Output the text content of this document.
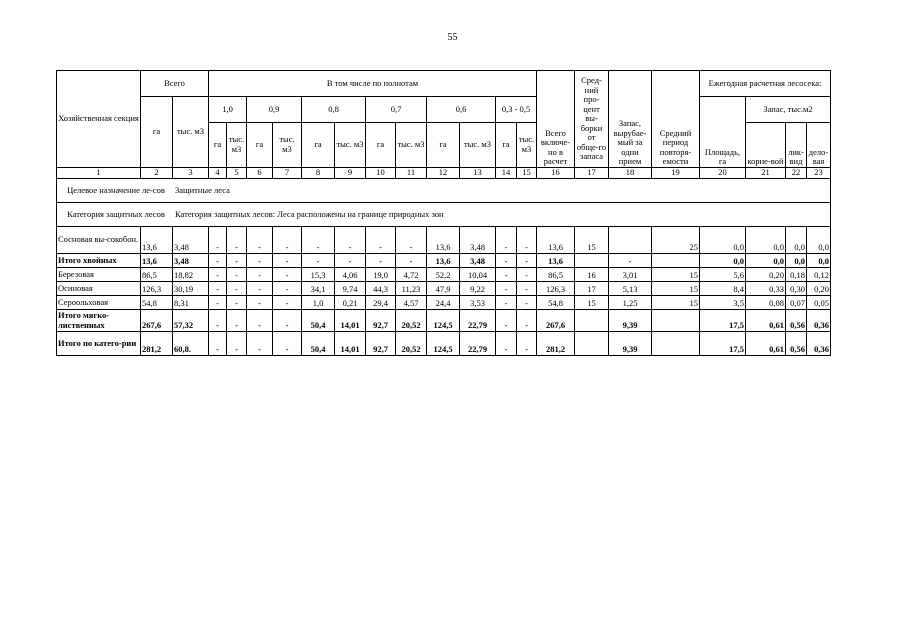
55
Хозяйственная секция	Всего		В том числе по полнотам												Всего включе-но в расчет	Сред-ний про-цент вы-борки от обще-го запаса	Запас, вырубае-мый за одни прием	Средний период повторя-емости	Ежегодная расчетная лесосека:			
	га	тыс. м3	1,0		0,9		0,8		0,7		0,6		0,3 - 0,5						Площадь, га	Запас, тыс.м2		
			га	тыс. м3	га	тыс. м3	га	тыс. м3	га	тыс. м3	га	тыс. м3	га	тыс. м3						корне-вой	лик-вид	дело-вая
1	2	3	4	5	6	7	8	9	10	11	12	13	14	15	16	17	18	19	20	21	22	23

Целевое назначение ле-сов Защитные леса																						

Категория защитных лесов Категория защитных лесов: Леса расположены на границе природных зон																						

Сосновая вы-сокобон.	13,6	3,48	-	-	-	-	-	-	-	-	13,6	3,48	-	-	13,6	15		25	0,0	0,0	0,0	0,0
Итого хвойных	13,6	3,48	-	-	-	-	-	-	-	-	13,6	3,48	-	-	13,6		-		0,0	0,0	0,0	0,0
Березовая	86,5	18,82	-	-	-	-	15,3	4,06	19,0	4,72	52,2	10,04	-	-	86,5	16	3,01	15	5,6	0,20	0,18	0,12
Осиновая	126,3	30,19	-	-	-	-	34,1	9,74	44,3	11,23	47,9	9,22	-	-	126,3	17	5,13	15	8,4	0,33	0,30	0,20
Сероольховая	54,8	8,31	-	-	-	-	1,0	0,21	29,4	4,57	24,4	3,53	-	-	54,8	15	1,25	15	3,5	0,08	0,07	0,05
Итого мягко-лиственных	267,6	57,32	-	-	-	-	50,4	14,01	92,7	20,52	124,5	22,79	-	-	267,6		9,39		17,5	0,61	0,56	0,36
Итого по катего-рии	281,2	60,8.	-	-	-	-	50,4	14,01	92,7	20,52	124,5	22,79	-	-	281,2		9,39		17,5	0,61	0,56	0,36
